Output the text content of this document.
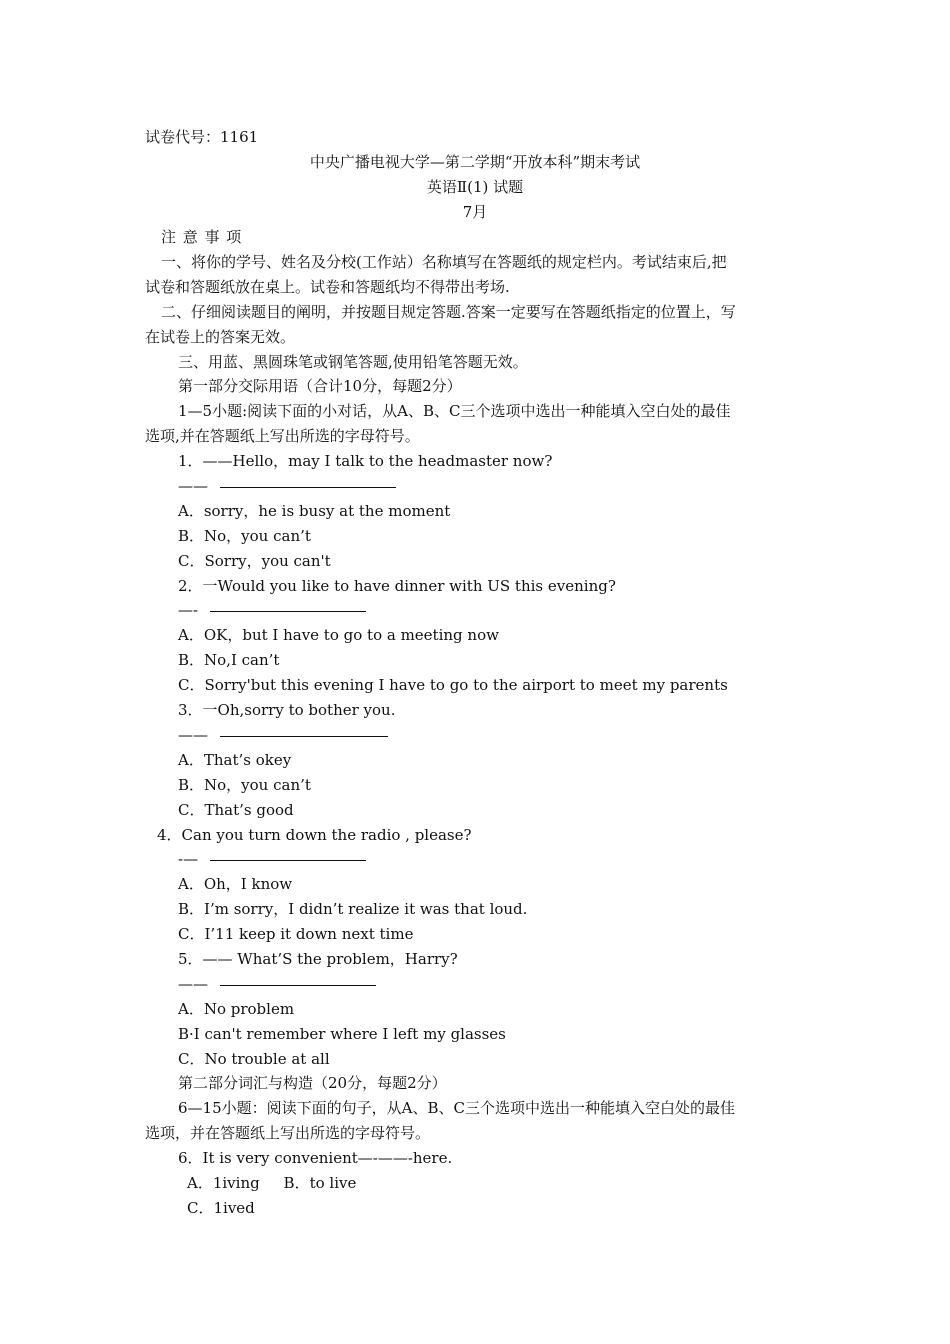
试卷代号：1161
中央广播电视大学—第二学期“开放本科”期末考试
英语Ⅱ(1) 试题
7月
注 意 事 项
一、将你的学号、姓名及分校(工作站）名称填写在答题纸的规定栏内。考试结束后,把
试卷和答题纸放在桌上。试卷和答题纸均不得带出考场.
二、仔细阅读题目的阐明，并按题目规定答题.答案一定要写在答题纸指定的位置上，写
在试卷上的答案无效。
三、用蓝、黑圆珠笔或钢笔答题,使用铅笔答题无效。
第一部分交际用语（合计10分，每题2分）
1—5小题:阅读下面的小对话，从A、B、C三个选项中选出一种能填入空白处的最佳
选项,并在答题纸上写出所选的字母符号。
1．——Hello，may I talk to the headmaster now?
——
A．sorry，he is busy at the moment
B．No，you can’t
C．Sorry，you can't
2．一Would you like to have dinner with US this evening?
—-
A．OK，but I have to go to a meeting now
B．No,I can’t
C．Sorry'but this evening I have to go to the airport to meet my parents
3．一Oh,sorry to bother you.
——
A．That’s okey
B．No，you can’t
C．That’s good
4．Can you turn down the radio , please?
-—
A．Oh，I know
B．I’m sorry，I didn’t realize it was that loud.
C．I’11 keep it down next time
5．—— What’S the problem，Harry?
——
A．No problem
B·I can't remember where I left my glasses
C．No trouble at all
第二部分词汇与构造（20分，每题2分）
6—15小题：阅读下面的句子，从A、B、C三个选项中选出一种能填入空白处的最佳
选项，并在答题纸上写出所选的字母符号。
6．It is very convenient—-——-here.
A．1iving     B．to live
C．1ived
